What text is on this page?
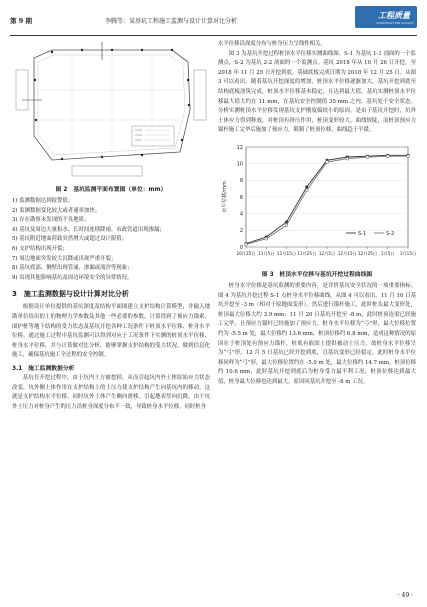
第 9 期	李腾等：某基坑工程施工监测与设计计算对比分析
工程质量
CONSTRUCTION QUALITY
图 2　基坑监测平面布置图（单位：mm）
1) 监测数据达到报警值；
2) 监测数据变化较大或者速率加快；
3) 存在勘察未发现的不良地质；
4) 基坑及周边大量积水、长时间连续降雨、市政管道出现渗漏；
5) 基坑附近地面荷载突然增大或超过设计限值；
6) 支护结构出现开裂；
7) 周边地面突发较大沉降或出现严重开裂；
8) 基坑底部、侧壁出现管涌、渗漏或流沙等现象；
9) 出现其他影响基坑及周边环境安全的异常情况。
3　施工监测数据与设计计算对比分析

根据设计单位提供的基坑深度及结构平面图建立支护结构计算模型，并输入地勘单位给出的土的物理力学参数及其他一些必要的参数，计算得到了预应力锚索、围护桩等地下结构的受力状态及基坑开挖各种工况条件下桩顶水平位移、桩身水平位移。通过施工过程中基坑监测可以得到对应于工况条件下实测的桩顶水平位移、桩身水平位移，并与计算做对比分析，能够掌握支护结构的受力状况，做到信息化施工，确保基坑施工全过程的安全控制。

3.1　施工监测数据分析

基坑在开挖过程中，由于坑内土方被挖掉，从而引起坑内外土体原始应力状态改变，坑外侧土体作用在支护结构上的土压力使支护结构产生向基坑内的移动，这就是支护结构水平位移。同时坑外土体产生侧向滑移，引起地表竖向沉降，由于坑外土压力对桩身产生的压力沿桩身深度分布不一致，导致桩身水平位移，同时桩身

水平位移沿深度分布与桩身压力呈线性相关。

图 3 为基坑开挖过程桩顶水平位移实测曲线图。S-1 为基坑 1-1 剖面的一个监测点，S-2 为基坑 2-2 剖面的一个监测点。基坑 2018 年从 10 月 26 日开挖，至 2018 年 11 月 25 日开挖到底，基础底板完成日期为 2018 年 12 月 25 日。从图 3 可以看出，随着基坑开挖深度的增加，桩顶水平位移逐渐加大，基坑开挖到底至结构底板浇筑完成，桩顶水平位移基本稳定，且达到最大值，基坑实测桩顶水平位移最大值大约在 11 mm，在基坑安全控制值 35 mm 之内，基坑处于安全状态。分析实测桩顶水平位移发现基坑支护刚度偏较小的原因，是由于基坑开挖时，坑外土体应力得到释放，对桩顶有挤压作用，桩顶变形较大，曲线较陡，而桩顶预应力锚杆施工完毕后施加了预应力，限制了桩顶位移，曲线趋于平缓。

0
2
4
6
8
10
12
10月25日 11月5日 11月15日 11月25日 12月5日 12月15日 12月25日 1月5日 1月15日
水平位移/mm
S-1	S-2
图 3　桩顶水平位移与基坑开挖过程曲线图

桩身水平位移是基坑监测的重要内容，是评价基坑安全状况的一项重要指标。图 4 为基坑开挖过程 S-1 点桩身水平位移曲线，从图 4 可以看出，11 月 10 日基坑开挖至 -3 m（相对于原地面变形），然后进行锚杆施工，此时桩头最大变形处，桩顶最大位移大约 3.9 mm；11 月 20 日基坑开挖至 -8 m，此时桩顶连梁已经施工完毕，且预应力锚杆已经施加了预应力，桩身水平位移为“弓”形，最大位移位置约为 -5.5 m 处，最大位移约 13.6 mm，桩顶位移约 6.8 mm，造成这种情况的原因在于桩顶处有预应力锚杆，桩底有嵌固土提供被动土压力，故桩身水平位移呈为“弓”形。12 月 5 日基坑已经开挖到底，且基坑变形已经稳定，此时桩身水平位移同样为“弓”形，最大位移位置约在 -5.0 m 处，最大位移约 14.7 mm，桩顶位移约 10.6 mm，此时基坑开挖到底后为桩身受力最不利工况。桩顶位移达到最大值，桩身最大位移也达到最大，原因同基坑开挖至 -8 m 工况。

· 49 ·
